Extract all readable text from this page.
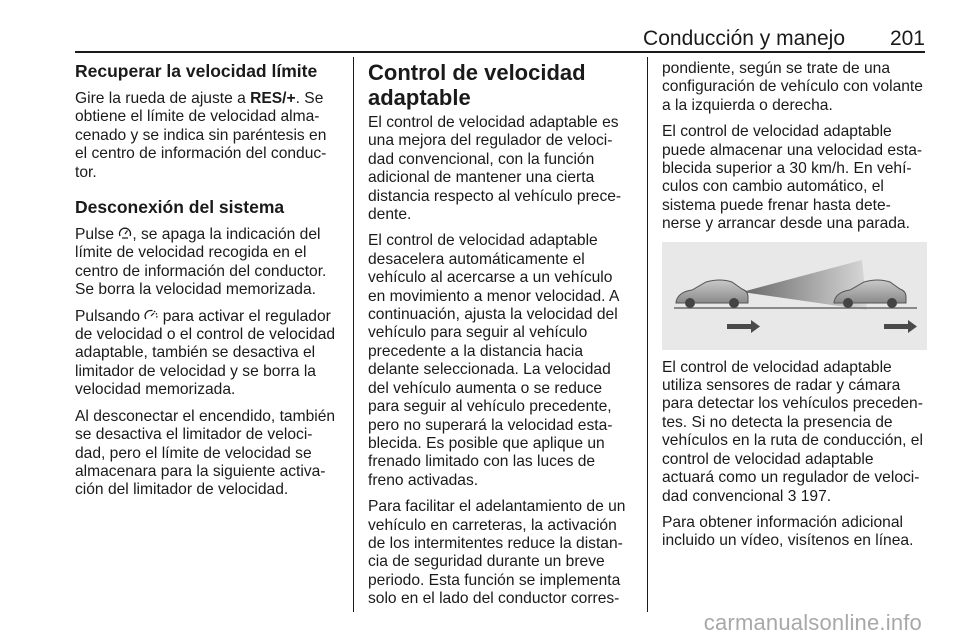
Conducción y manejo 201
Recuperar la velocidad límite

Gire la rueda de ajuste a RES/+. Se
obtiene el límite de velocidad alma-
cenado y se indica sin paréntesis en
el centro de información del conduc-
tor.

Desconexión del sistema

Pulse , se apaga la indicación del
límite de velocidad recogida en el
centro de información del conductor.
Se borra la velocidad memorizada.

Pulsando  para activar el regulador
de velocidad o el control de velocidad
adaptable, también se desactiva el
limitador de velocidad y se borra la
velocidad memorizada.

Al desconectar el encendido, también
se desactiva el limitador de veloci-
dad, pero el límite de velocidad se
almacenara para la siguiente activa-
ción del limitador de velocidad.

Control de velocidad
adaptable

El control de velocidad adaptable es
una mejora del regulador de veloci-
dad convencional, con la función
adicional de mantener una cierta
distancia respecto al vehículo prece-
dente.

El control de velocidad adaptable
desacelera automáticamente el
vehículo al acercarse a un vehículo
en movimiento a menor velocidad. A
continuación, ajusta la velocidad del
vehículo para seguir al vehículo
precedente a la distancia hacia
delante seleccionada. La velocidad
del vehículo aumenta o se reduce
para seguir al vehículo precedente,
pero no superará la velocidad esta-
blecida. Es posible que aplique un
frenado limitado con las luces de
freno activadas.

Para facilitar el adelantamiento de un
vehículo en carreteras, la activación
de los intermitentes reduce la distan-
cia de seguridad durante un breve
periodo. Esta función se implementa
solo en el lado del conductor corres-

pondiente, según se trate de una
configuración de vehículo con volante
a la izquierda o derecha.

El control de velocidad adaptable
puede almacenar una velocidad esta-
blecida superior a 30 km/h. En vehí-
culos con cambio automático, el
sistema puede frenar hasta dete-
nerse y arrancar desde una parada.

El control de velocidad adaptable
utiliza sensores de radar y cámara
para detectar los vehículos preceden-
tes. Si no detecta la presencia de
vehículos en la ruta de conducción, el
control de velocidad adaptable
actuará como un regulador de veloci-
dad convencional 3 197.

Para obtener información adicional
incluido un vídeo, visítenos en línea.

carmanualsonline.info
